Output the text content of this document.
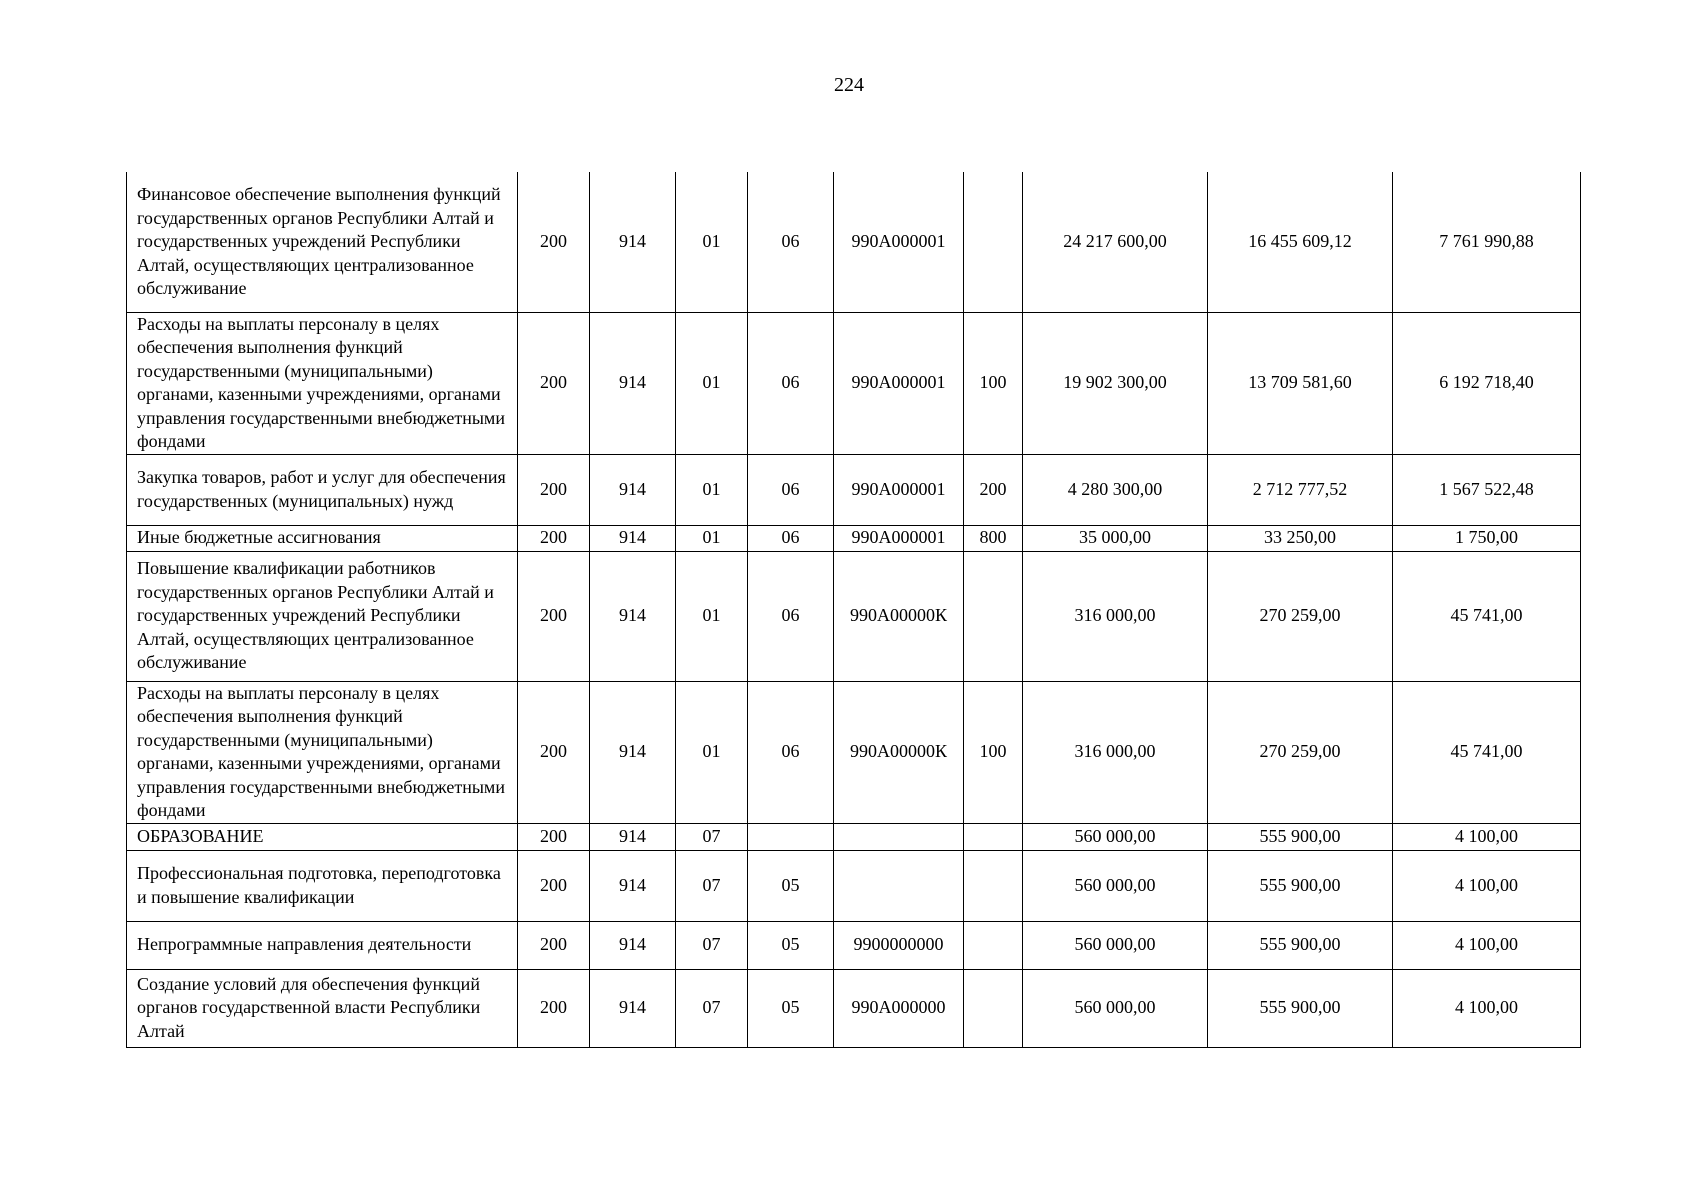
224
Финансовое обеспечение выполнения функций государственных органов Республики Алтай и государственных учреждений Республики Алтай, осуществляющих централизованное обслуживание	200	914	01	06	990А000001		24 217 600,00	16 455 609,12	7 761 990,88
Расходы на выплаты персоналу в целях обеспечения выполнения функций государственными (муниципальными) органами, казенными учреждениями, органами управления государственными внебюджетными фондами	200	914	01	06	990А000001	100	19 902 300,00	13 709 581,60	6 192 718,40
Закупка товаров, работ и услуг для обеспечения государственных (муниципальных) нужд	200	914	01	06	990А000001	200	4 280 300,00	2 712 777,52	1 567 522,48
Иные бюджетные ассигнования	200	914	01	06	990А000001	800	35 000,00	33 250,00	1 750,00
Повышение квалификации работников государственных органов Республики Алтай и государственных учреждений Республики Алтай, осуществляющих централизованное обслуживание	200	914	01	06	990А00000К		316 000,00	270 259,00	45 741,00
Расходы на выплаты персоналу в целях обеспечения выполнения функций государственными (муниципальными) органами, казенными учреждениями, органами управления государственными внебюджетными фондами	200	914	01	06	990А00000К	100	316 000,00	270 259,00	45 741,00
ОБРАЗОВАНИЕ	200	914	07				560 000,00	555 900,00	4 100,00
Профессиональная подготовка, переподготовка и повышение квалификации	200	914	07	05			560 000,00	555 900,00	4 100,00
Непрограммные направления деятельности	200	914	07	05	9900000000		560 000,00	555 900,00	4 100,00
Создание условий для обеспечения функций органов государственной власти Республики Алтай	200	914	07	05	990А000000		560 000,00	555 900,00	4 100,00
